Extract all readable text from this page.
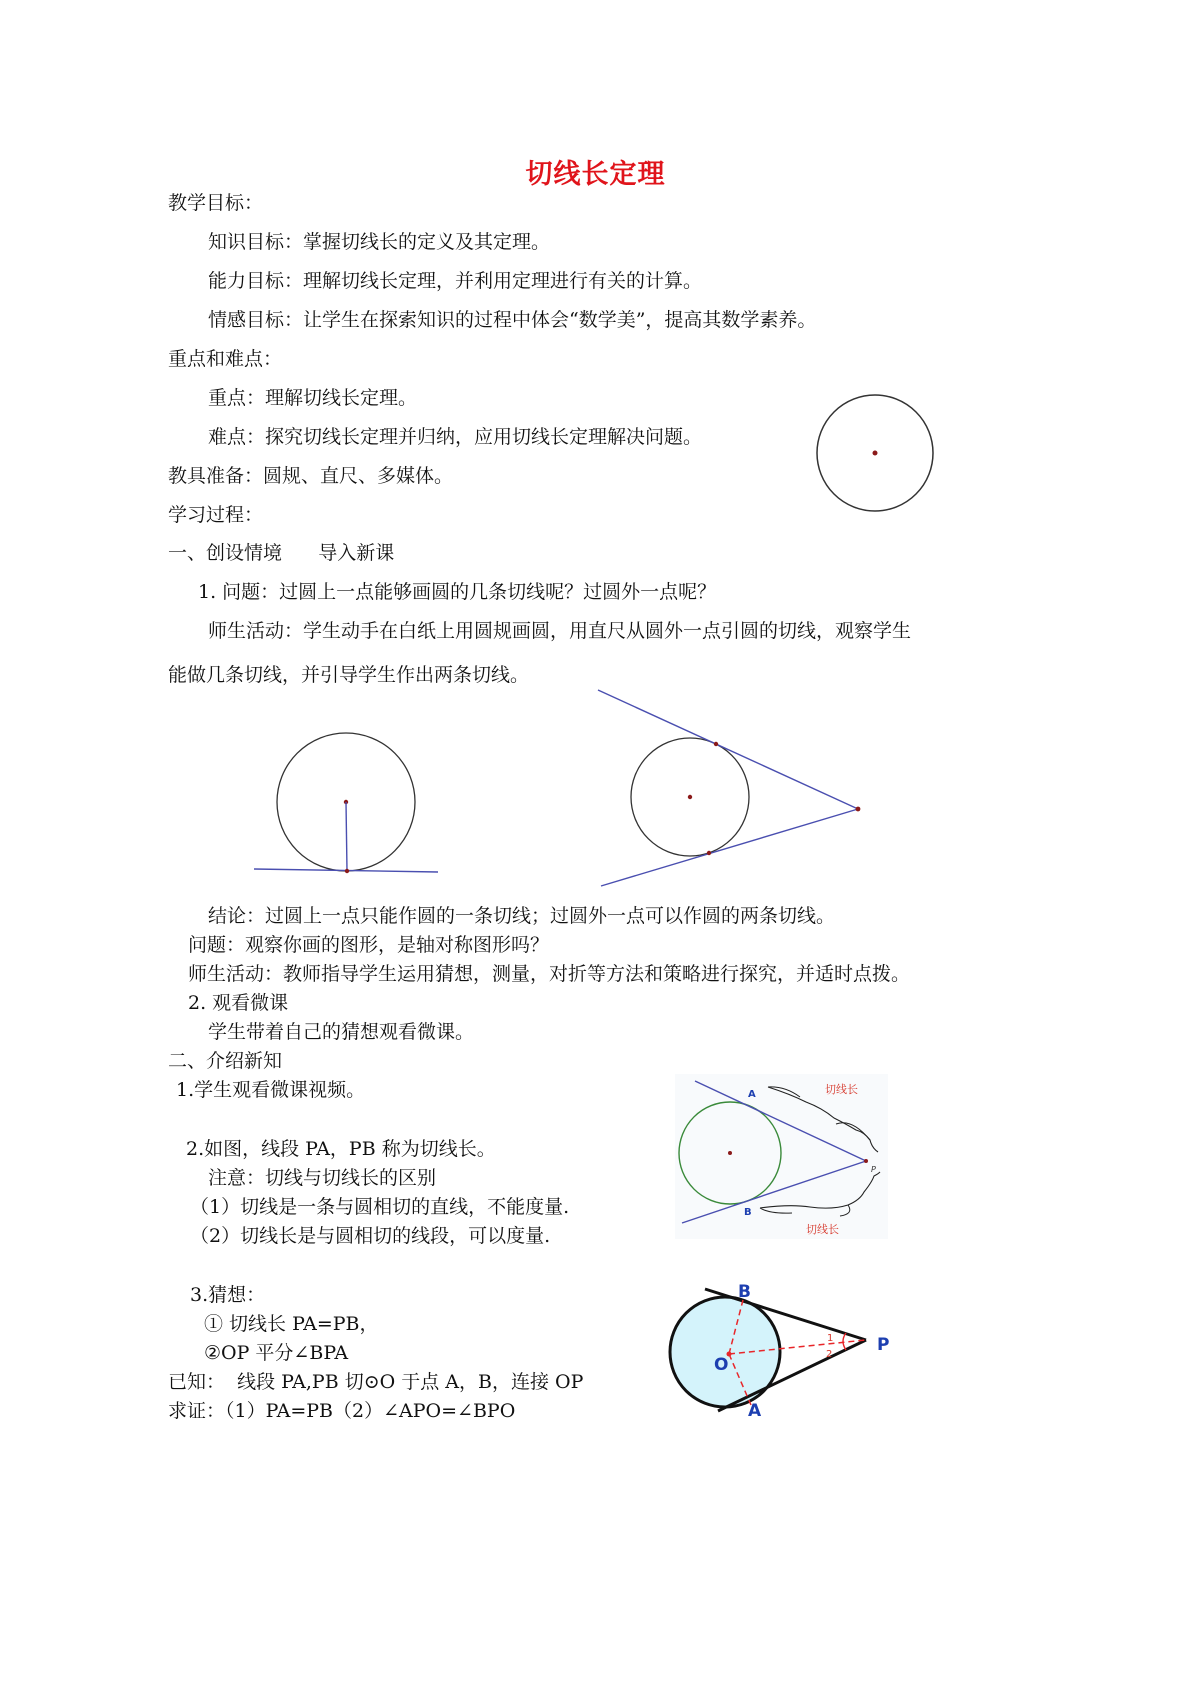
切线长定理
教学目标：
知识目标：掌握切线长的定义及其定理。
能力目标：理解切线长定理，并利用定理进行有关的计算。
情感目标：让学生在探索知识的过程中体会“数学美”，提高其数学素养。
重点和难点：
重点：理解切线长定理。
难点：探究切线长定理并归纳，应用切线长定理解决问题。
教具准备：圆规、直尺、多媒体。
学习过程：
一、创设情境      导入新课
1. 问题：过圆上一点能够画圆的几条切线呢？过圆外一点呢？
师生活动：学生动手在白纸上用圆规画圆，用直尺从圆外一点引圆的切线，观察学生
能做几条切线，并引导学生作出两条切线。
结论：过圆上一点只能作圆的一条切线；过圆外一点可以作圆的两条切线。
问题：观察你画的图形，是轴对称图形吗？
师生活动：教师指导学生运用猜想，测量，对折等方法和策略进行探究，并适时点拨。
2. 观看微课
学生带着自己的猜想观看微课。
二、介绍新知
1.学生观看微课视频。
2.如图，线段 PA，PB 称为切线长。
注意：切线与切线长的区别
（1）切线是一条与圆相切的直线，不能度量.
（2）切线长是与圆相切的线段，可以度量.
3.猜想：
① 切线长 PA=PB，
②OP 平分∠BPA
已知：  线段 PA,PB 切⊙O 于点 A，B，连接 OP
求证：（1）PA=PB（2）∠APO=∠BPO
A
B
P
切线长
切线长
1
2
B
A
O
P
